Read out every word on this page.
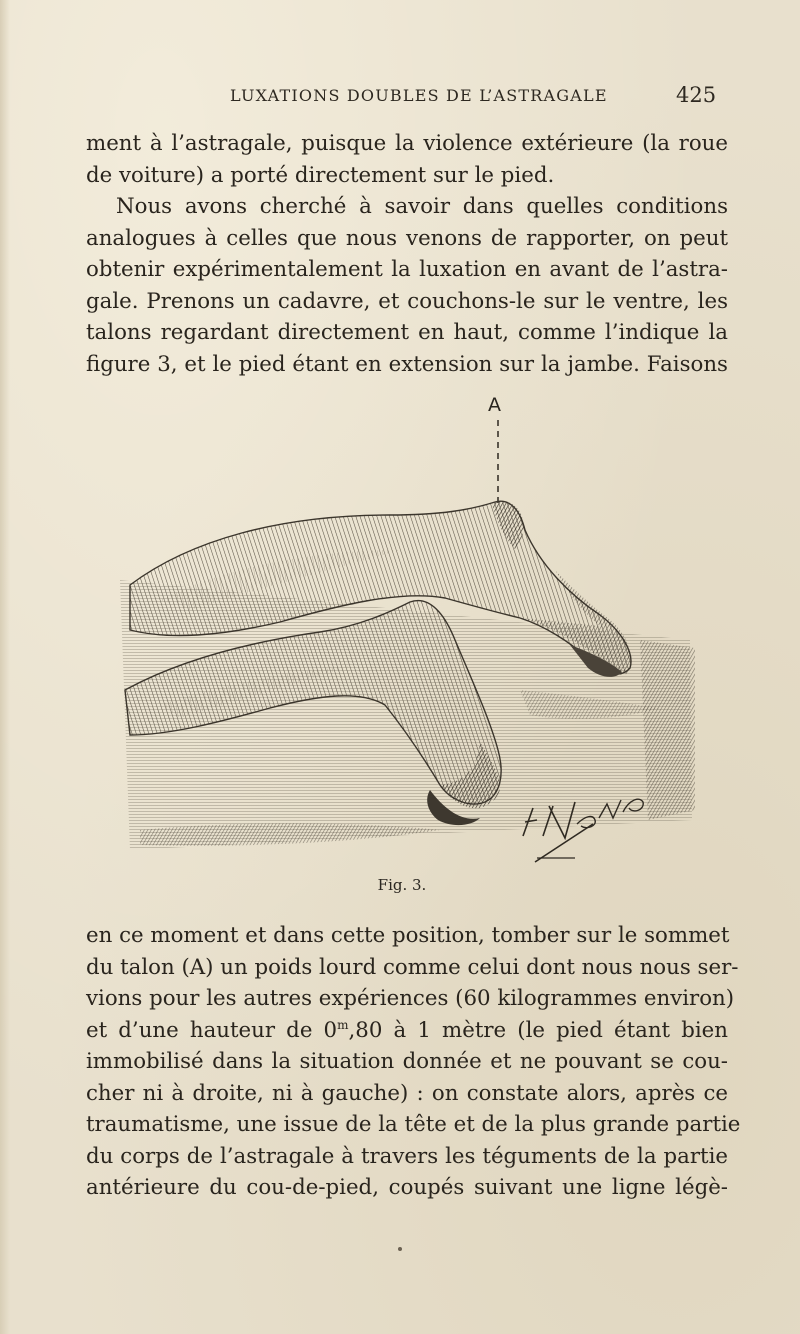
LUXATIONS DOUBLES DE L’ASTRAGALE	425
ment à l’astragale, puisque la violence extérieure (la roue
de voiture) a porté directement sur le pied.
Nous avons cherché à savoir dans quelles conditions
analogues à celles que nous venons de rapporter, on peut
obtenir expérimentalement la luxation en avant de l’astra-
gale. Prenons un cadavre, et couchons-le sur le ventre, les
talons regardant directement en haut, comme l’indique la
figure 3, et le pied étant en extension sur la jambe. Faisons
A
Fig. 3.
en ce moment et dans cette position, tomber sur le sommet
du talon (A) un poids lourd comme celui dont nous nous ser-
vions pour les autres expériences (60 kilogrammes environ)
et d’une hauteur de 0$^m$,80 à 1 mètre (le pied étant bien
immobilisé dans la situation donnée et ne pouvant se cou-
cher ni à droite, ni à gauche) : on constate alors, après ce
traumatisme, une issue de la tête et de la plus grande partie
du corps de l’astragale à travers les téguments de la partie
antérieure du cou-de-pied, coupés suivant une ligne légè-
